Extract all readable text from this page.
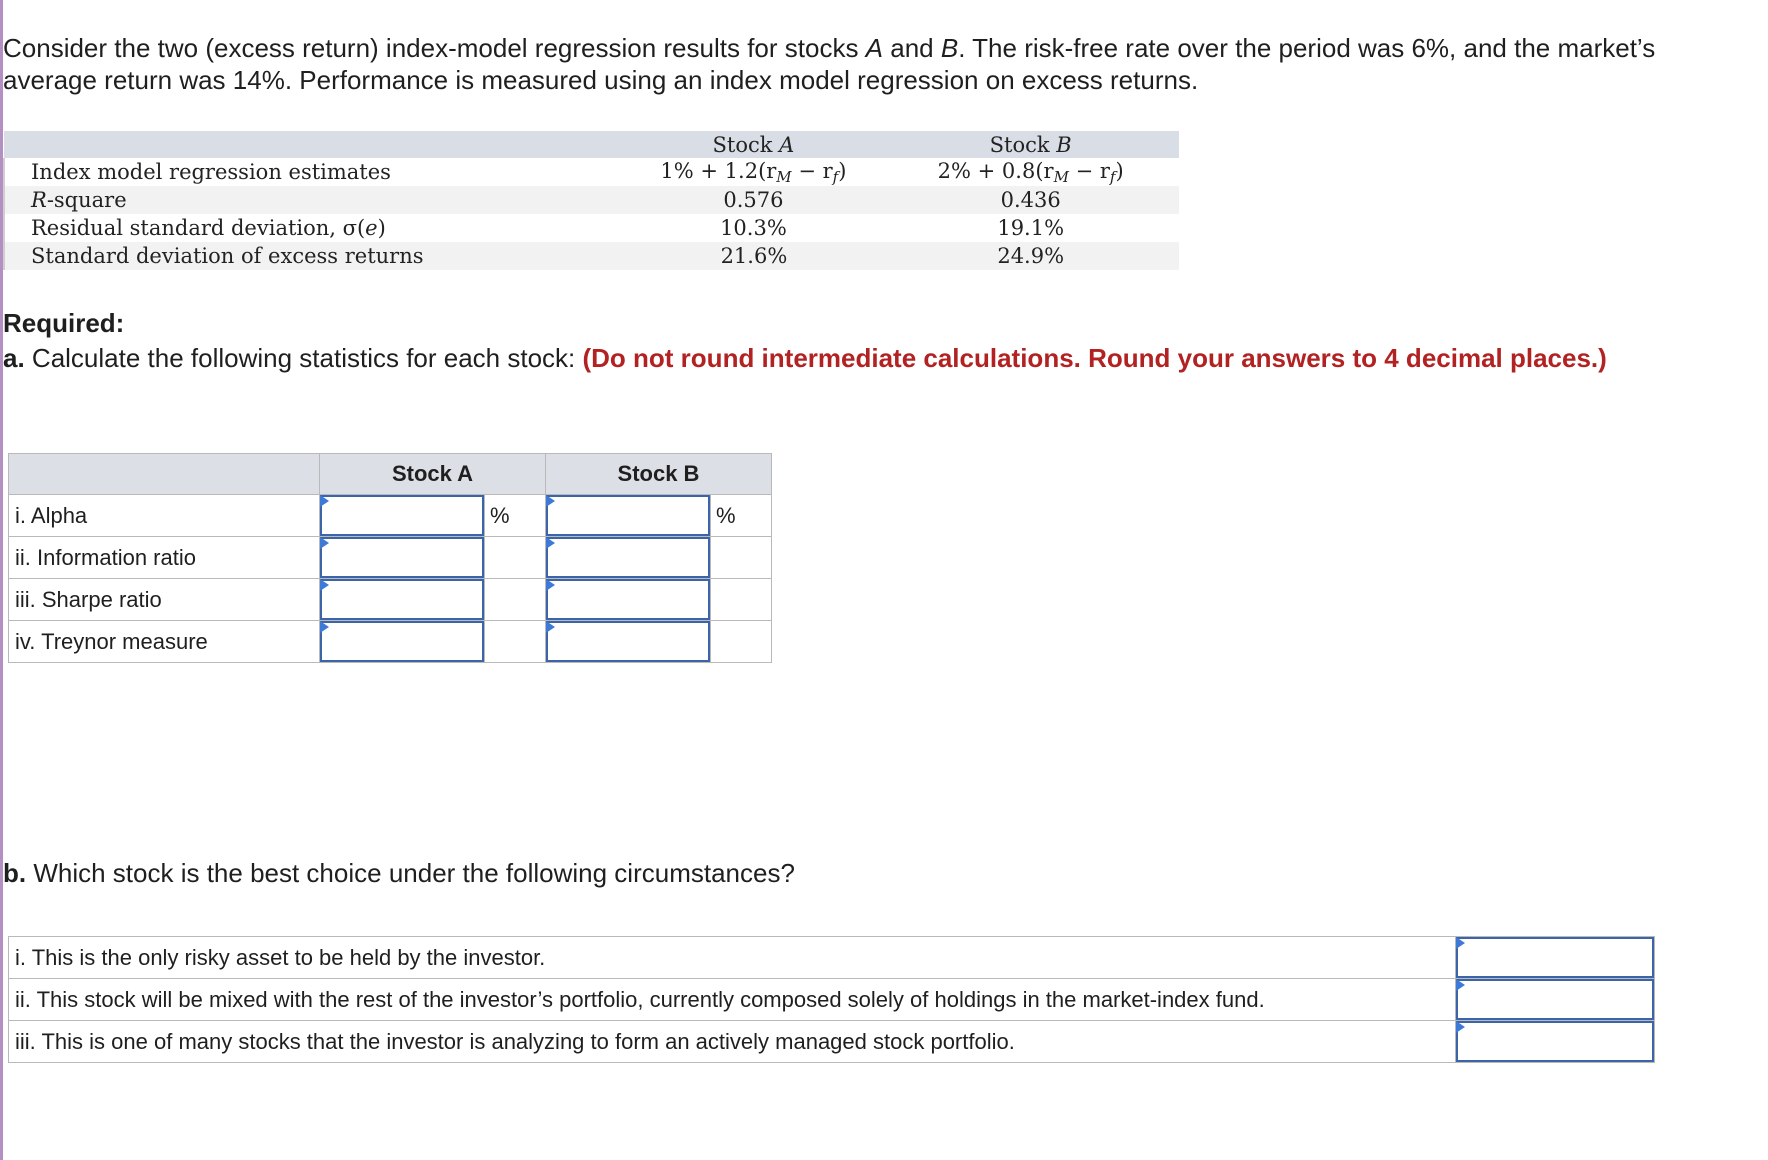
Consider the two (excess return) index-model regression results for stocks A and B. The risk-free rate over the period was 6%, and the market’s average return was 14%. Performance is measured using an index model regression on excess returns.

	Stock A	Stock B
Index model regression estimates	$1\% + 1.2(r_M - r_f)$	$2\% + 0.8(r_M - r_f)$
R-square	0.576	0.436
Residual standard deviation, σ(e)	10.3%	19.1%
Standard deviation of excess returns	21.6%	24.9%

Required:

a. Calculate the following statistics for each stock: (Do not round intermediate calculations. Round your answers to 4 decimal places.)

	Stock A		Stock B	
i. Alpha		%		%
ii. Information ratio	

iii. Sharpe ratio	

iv. Treynor measure	

b. Which stock is the best choice under the following circumstances?

i. This is the only risky asset to be held by the investor.	

ii. This stock will be mixed with the rest of the investor’s portfolio, currently composed solely of holdings in the market-index fund.	

iii. This is one of many stocks that the investor is analyzing to form an actively managed stock portfolio.	
